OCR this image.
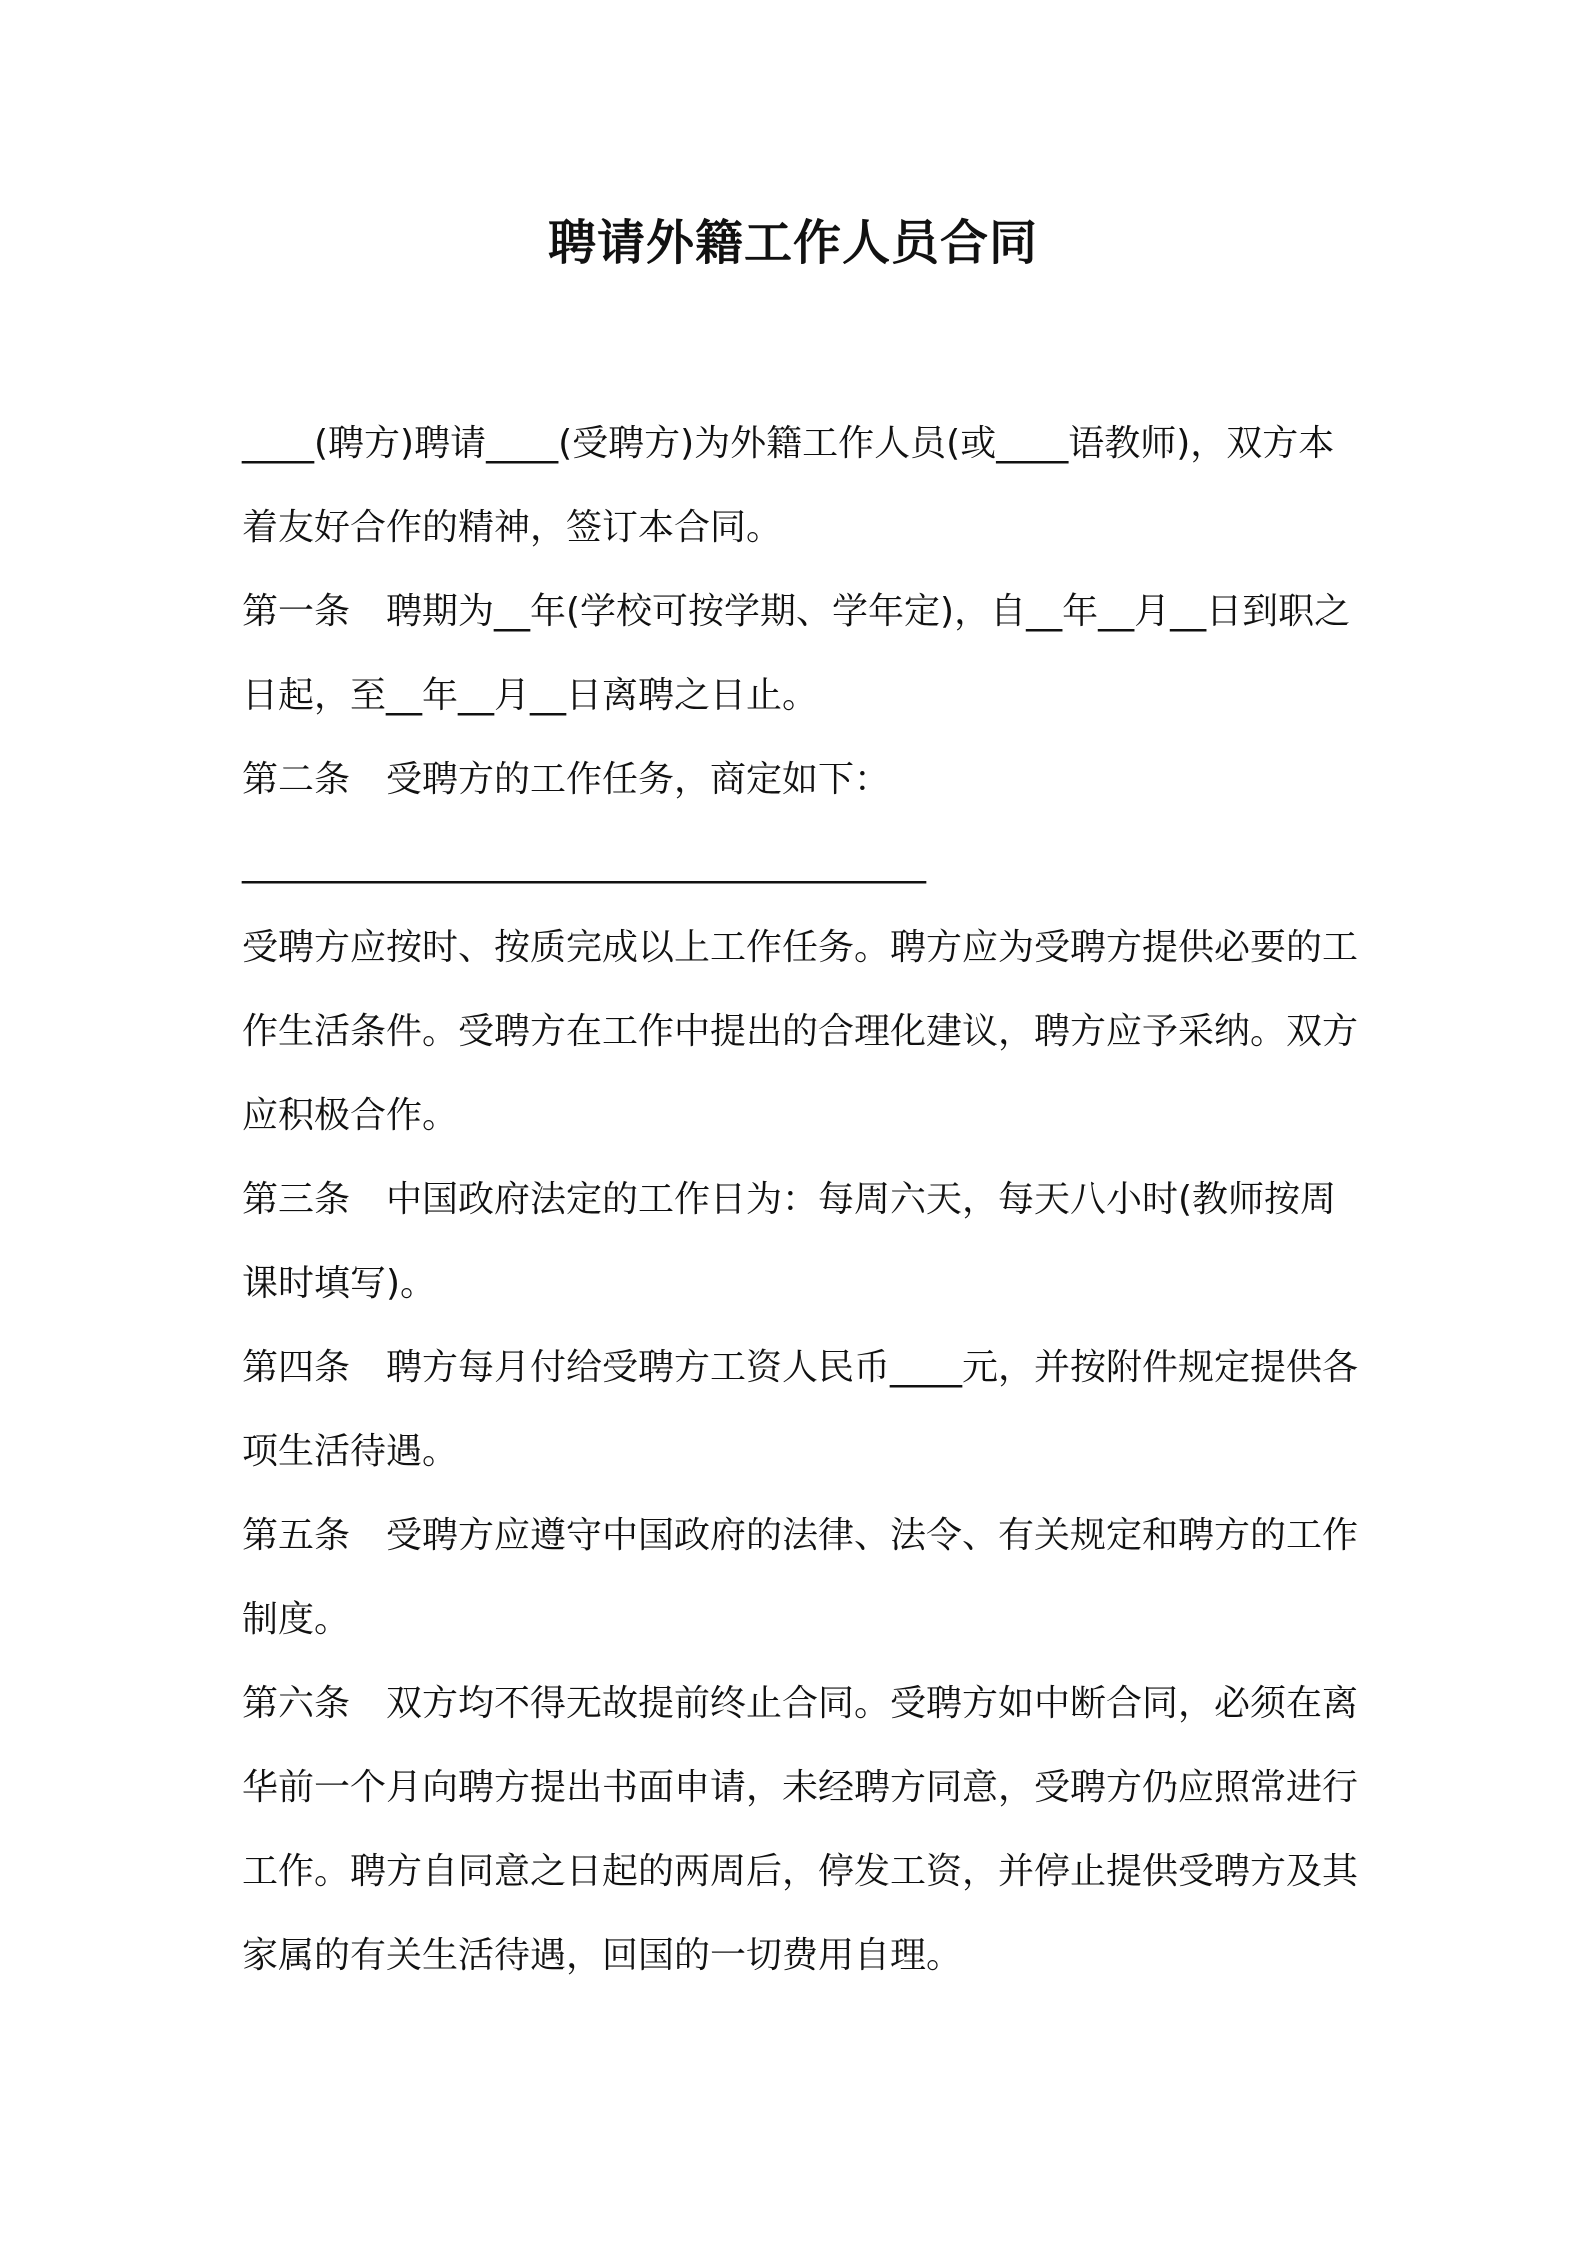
聘请外籍工作人员合同

____(聘方)聘请____(受聘方)为外籍工作人员(或____语教师)，双方本着友好合作的精神，签订本合同。

第一条　聘期为__年(学校可按学期、学年定)，自__年__月__日到职之日起，至__年__月__日离聘之日止。

第二条　受聘方的工作任务，商定如下：

______________________________________

受聘方应按时、按质完成以上工作任务。聘方应为受聘方提供必要的工作生活条件。受聘方在工作中提出的合理化建议，聘方应予采纳。双方应积极合作。

第三条　中国政府法定的工作日为：每周六天，每天八小时(教师按周课时填写)。

第四条　聘方每月付给受聘方工资人民币____元，并按附件规定提供各项生活待遇。

第五条　受聘方应遵守中国政府的法律、法令、有关规定和聘方的工作制度。

第六条　双方均不得无故提前终止合同。受聘方如中断合同，必须在离华前一个月向聘方提出书面申请，未经聘方同意，受聘方仍应照常进行工作。聘方自同意之日起的两周后，停发工资，并停止提供受聘方及其家属的有关生活待遇，回国的一切费用自理。
